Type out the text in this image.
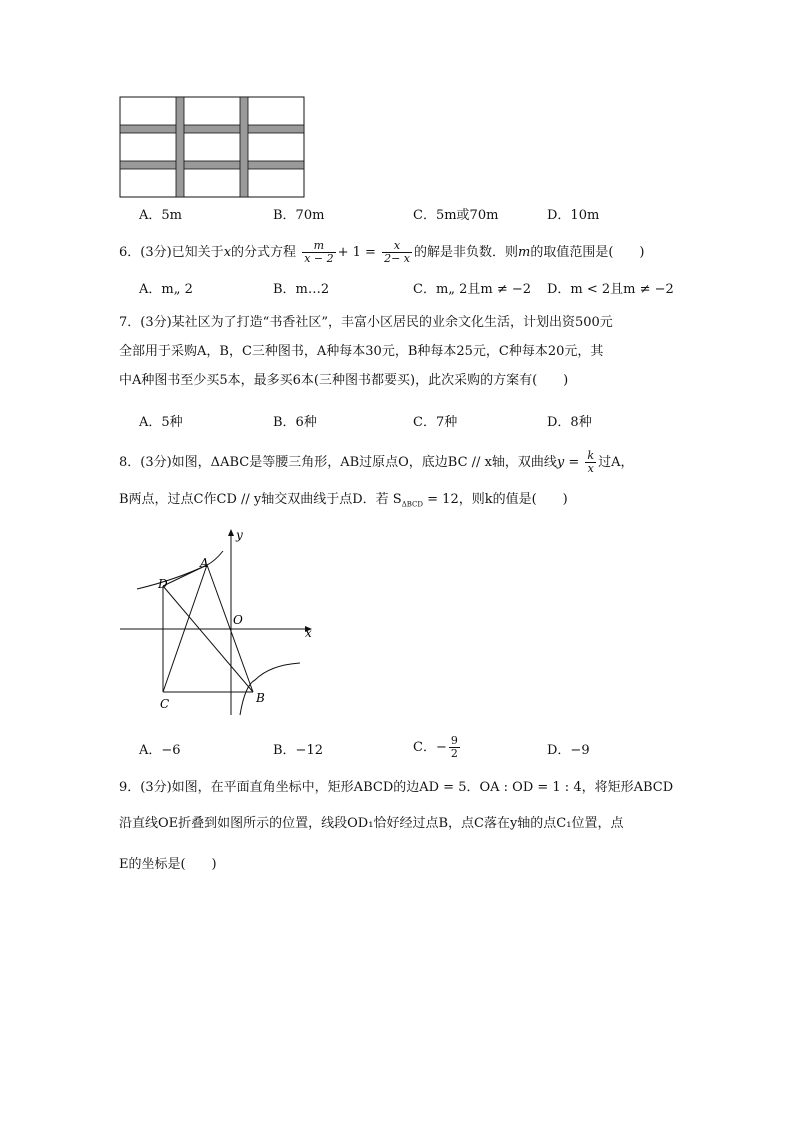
A．5m	B．70m	C．5m或70m	D．10m
6．(3分)已知关于x的分式方程 $\frac{m}{x - 2} + 1 = \frac{x}{2- x}$ 的解是非负数．则m的取值范围是(　　)
A．m„ 2	B．m…2	C．m„ 2且m ≠ −2 D．m < 2且m ≠ −2
7．(3分)某社区为了打造“书香社区”，丰富小区居民的业余文化生活，计划出资500元
全部用于采购A，B，C三种图书，A种每本30元，B种每本25元，C种每本20元，其
中A种图书至少买5本，最多买6本(三种图书都要买)，此次采购的方案有(　　)
A．5种	B．6种	C．7种	D．8种
8．(3分)如图，ΔABC是等腰三角形，AB过原点O，底边BC // x轴，双曲线$y = \frac{k}{x}$ 过A，
B两点，过点C作CD // y轴交双曲线于点D．若 $S_{\Delta BCD} = 12$，则k的值是(　　)
y
x
A
D
O
C	B
A．−6	B．−12	C．− $\frac{9}{2}$	D．−9
9．(3分)如图，在平面直角坐标中，矩形ABCD的边AD = 5．OA : OD = 1 : 4，将矩形ABCD
沿直线OE折叠到如图所示的位置，线段OD₁恰好经过点B，点C落在y轴的点C₁位置，点
E的坐标是(　　)
